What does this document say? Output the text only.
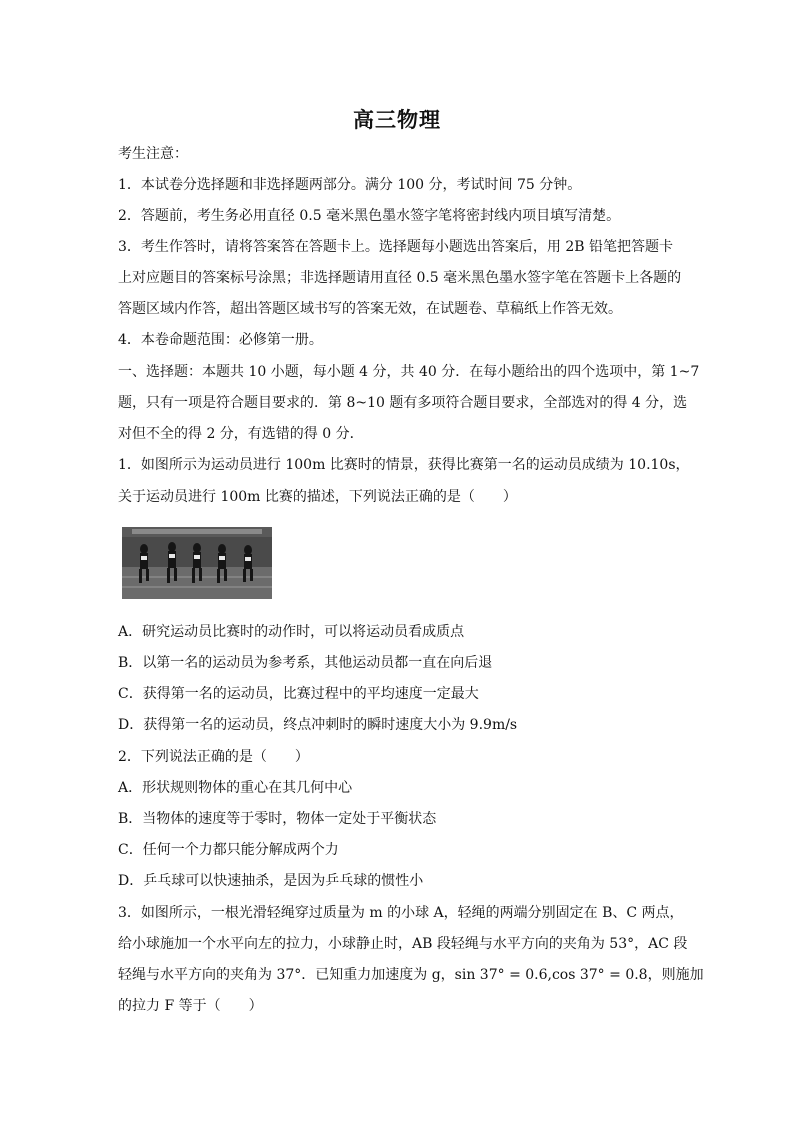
高三物理
考生注意：
1．本试卷分选择题和非选择题两部分。满分 100 分，考试时间 75 分钟。
2．答题前，考生务必用直径 0.5 毫米黑色墨水签字笔将密封线内项目填写清楚。
3．考生作答时，请将答案答在答题卡上。选择题每小题选出答案后，用 2B 铅笔把答题卡
上对应题目的答案标号涂黑；非选择题请用直径 0.5 毫米黑色墨水签字笔在答题卡上各题的
答题区域内作答，超出答题区域书写的答案无效，在试题卷、草稿纸上作答无效。
4．本卷命题范围：必修第一册。
一、选择题：本题共 10 小题，每小题 4 分，共 40 分．在每小题给出的四个选项中，第 1~7
题，只有一项是符合题目要求的．第 8~10 题有多项符合题目要求，全部选对的得 4 分，选
对但不全的得 2 分，有选错的得 0 分．
1．如图所示为运动员进行 100m 比赛时的情景，获得比赛第一名的运动员成绩为 10.10s，
关于运动员进行 100m 比赛的描述，下列说法正确的是（　　）
A．研究运动员比赛时的动作时，可以将运动员看成质点
B．以第一名的运动员为参考系，其他运动员都一直在向后退
C．获得第一名的运动员，比赛过程中的平均速度一定最大
D．获得第一名的运动员，终点冲刺时的瞬时速度大小为 9.9m/s
2．下列说法正确的是（　　）
A．形状规则物体的重心在其几何中心
B．当物体的速度等于零时，物体一定处于平衡状态
C．任何一个力都只能分解成两个力
D．乒乓球可以快速抽杀，是因为乒乓球的惯性小
3．如图所示，一根光滑轻绳穿过质量为 m 的小球 A，轻绳的两端分别固定在 B、C 两点，
给小球施加一个水平向左的拉力，小球静止时，AB 段轻绳与水平方向的夹角为 53°，AC 段
轻绳与水平方向的夹角为 37°．已知重力加速度为 g，sin 37° = 0.6,cos 37° = 0.8，则施加
的拉力 F 等于（　　）
